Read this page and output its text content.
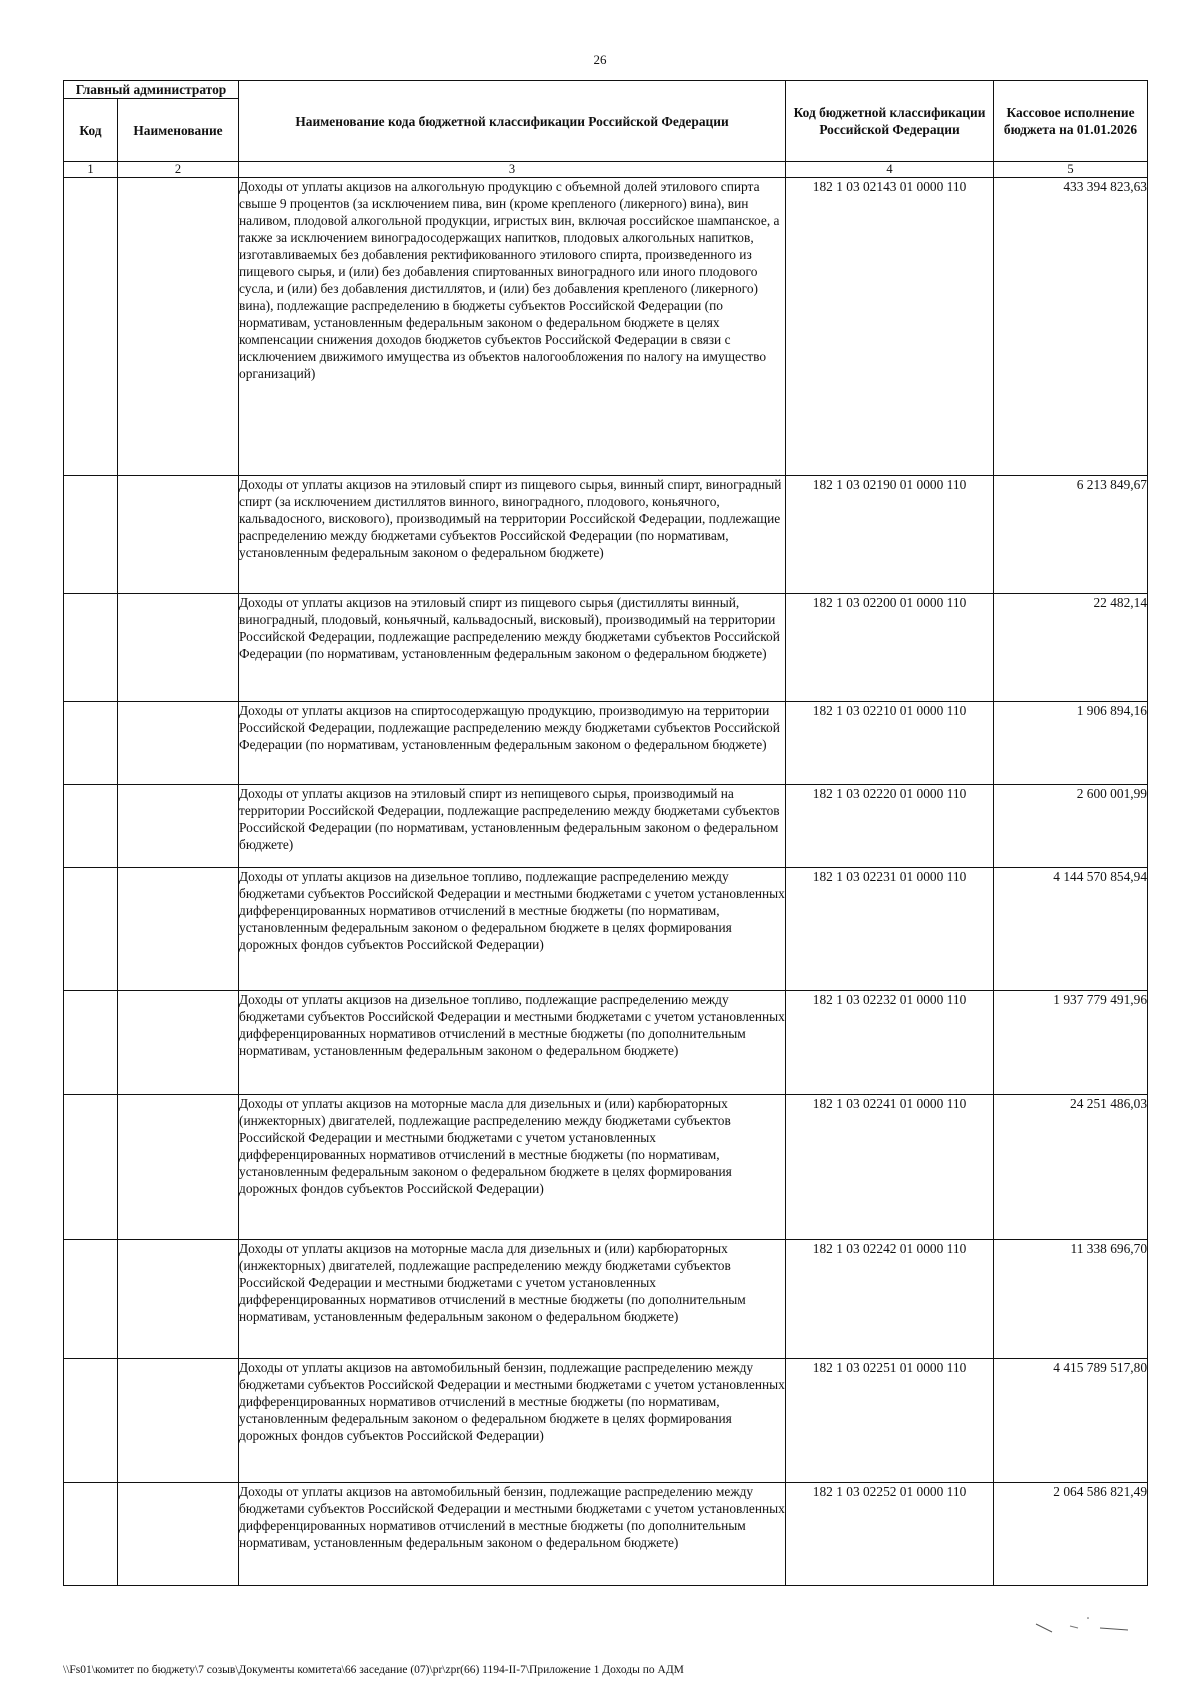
26
Главный администратор		Наименование кода бюджетной классификации Российской Федерации	Код бюджетной классификации Российской Федерации	Кассовое исполнение бюджета на 01.01.2026
Код	Наименование			
1	2	3	4	5
		Доходы от уплаты акцизов на алкогольную продукцию с объемной долей этилового спирта свыше 9 процентов (за исключением пива, вин (кроме крепленого (ликерного) вина), вин наливом, плодовой алкогольной продукции, игристых вин, включая российское шампанское, а также за исключением виноградосодержащих напитков, плодовых алкогольных напитков, изготавливаемых без добавления ректификованного этилового спирта, произведенного из пищевого сырья, и (или) без добавления спиртованных виноградного или иного плодового сусла, и (или) без добавления дистиллятов, и (или) без добавления крепленого (ликерного) вина), подлежащие распределению в бюджеты субъектов Российской Федерации (по нормативам, установленным федеральным законом о федеральном бюджете в целях компенсации снижения доходов бюджетов субъектов Российской Федерации в связи с исключением движимого имущества из объектов налогообложения по налогу на имущество организаций)	182 1 03 02143 01 0000 110	433 394 823,63
		Доходы от уплаты акцизов на этиловый спирт из пищевого сырья, винный спирт, виноградный спирт (за исключением дистиллятов винного, виноградного, плодового, коньячного, кальвадосного, вискового), производимый на территории Российской Федерации, подлежащие распределению между бюджетами субъектов Российской Федерации (по нормативам, установленным федеральным законом о федеральном бюджете)	182 1 03 02190 01 0000 110	6 213 849,67
		Доходы от уплаты акцизов на этиловый спирт из пищевого сырья (дистилляты винный, виноградный, плодовый, коньячный, кальвадосный, висковый), производимый на территории Российской Федерации, подлежащие распределению между бюджетами субъектов Российской Федерации (по нормативам, установленным федеральным законом о федеральном бюджете)	182 1 03 02200 01 0000 110	22 482,14
		Доходы от уплаты акцизов на спиртосодержащую продукцию, производимую на территории Российской Федерации, подлежащие распределению между бюджетами субъектов Российской Федерации (по нормативам, установленным федеральным законом о федеральном бюджете)	182 1 03 02210 01 0000 110	1 906 894,16
		Доходы от уплаты акцизов на этиловый спирт из непищевого сырья, производимый на территории Российской Федерации, подлежащие распределению между бюджетами субъектов Российской Федерации (по нормативам, установленным федеральным законом о федеральном бюджете)	182 1 03 02220 01 0000 110	2 600 001,99
		Доходы от уплаты акцизов на дизельное топливо, подлежащие распределению между бюджетами субъектов Российской Федерации и местными бюджетами с учетом установленных дифференцированных нормативов отчислений в местные бюджеты (по нормативам, установленным федеральным законом о федеральном бюджете в целях формирования дорожных фондов субъектов Российской Федерации)	182 1 03 02231 01 0000 110	4 144 570 854,94
		Доходы от уплаты акцизов на дизельное топливо, подлежащие распределению между бюджетами субъектов Российской Федерации и местными бюджетами с учетом установленных дифференцированных нормативов отчислений в местные бюджеты (по дополнительным нормативам, установленным федеральным законом о федеральном бюджете)	182 1 03 02232 01 0000 110	1 937 779 491,96
		Доходы от уплаты акцизов на моторные масла для дизельных и (или) карбюраторных (инжекторных) двигателей, подлежащие распределению между бюджетами субъектов Российской Федерации и местными бюджетами с учетом установленных дифференцированных нормативов отчислений в местные бюджеты (по нормативам, установленным федеральным законом о федеральном бюджете в целях формирования дорожных фондов субъектов Российской Федерации)	182 1 03 02241 01 0000 110	24 251 486,03
		Доходы от уплаты акцизов на моторные масла для дизельных и (или) карбюраторных (инжекторных) двигателей, подлежащие распределению между бюджетами субъектов Российской Федерации и местными бюджетами с учетом установленных дифференцированных нормативов отчислений в местные бюджеты (по дополнительным нормативам, установленным федеральным законом о федеральном бюджете)	182 1 03 02242 01 0000 110	11 338 696,70
		Доходы от уплаты акцизов на автомобильный бензин, подлежащие распределению между бюджетами субъектов Российской Федерации и местными бюджетами с учетом установленных дифференцированных нормативов отчислений в местные бюджеты (по нормативам, установленным федеральным законом о федеральном бюджете в целях формирования дорожных фондов субъектов Российской Федерации)	182 1 03 02251 01 0000 110	4 415 789 517,80
		Доходы от уплаты акцизов на автомобильный бензин, подлежащие распределению между бюджетами субъектов Российской Федерации и местными бюджетами с учетом установленных дифференцированных нормативов отчислений в местные бюджеты (по дополнительным нормативам, установленным федеральным законом о федеральном бюджете)	182 1 03 02252 01 0000 110	2 064 586 821,49
\\Fs01\комитет по бюджету\7 созыв\Документы комитета\66 заседание (07)\pr\zpr(66) 1194-II-7\Приложение 1 Доходы по АДМ
